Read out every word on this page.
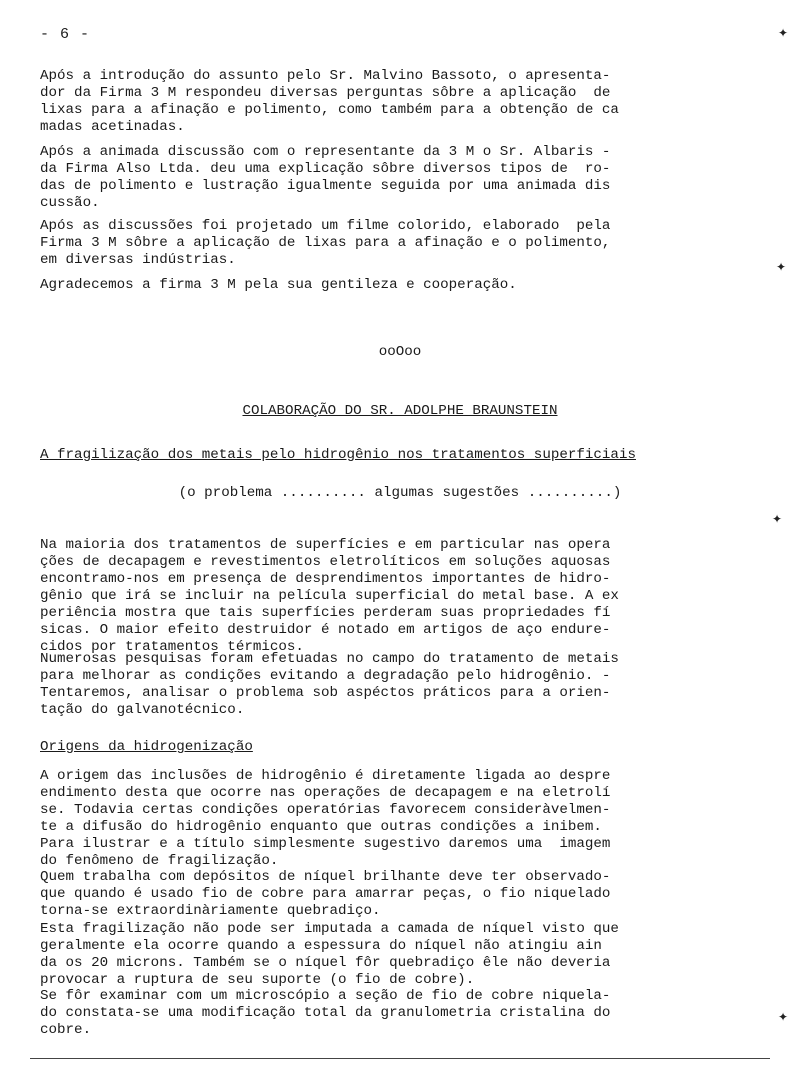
- 6 -

Após a introdução do assunto pelo Sr. Malvino Bassoto, o apresenta-
dor da Firma 3 M respondeu diversas perguntas sôbre a aplicação  de
lixas para a afinação e polimento, como também para a obtenção de ca
madas acetinadas.

Após a animada discussão com o representante da 3 M o Sr. Albaris -
da Firma Also Ltda. deu uma explicação sôbre diversos tipos de  ro-
das de polimento e lustração igualmente seguida por uma animada dis
cussão.

Após as discussões foi projetado um filme colorido, elaborado  pela
Firma 3 M sôbre a aplicação de lixas para a afinação e o polimento,
em diversas indústrias.

Agradecemos a firma 3 M pela sua gentileza e cooperação.

ooOoo
COLABORAÇÃO DO SR. ADOLPHE BRAUNSTEIN
A fragilização dos metais pelo hidrogênio nos tratamentos superficiais
(o problema .......... algumas sugestões ..........)

Na maioria dos tratamentos de superfícies e em particular nas opera
ções de decapagem e revestimentos eletrolíticos em soluções aquosas
encontramo-nos em presença de desprendimentos importantes de hidro-
gênio que irá se incluir na película superficial do metal base. A ex
periência mostra que tais superfícies perderam suas propriedades fí
sicas. O maior efeito destruidor é notado em artigos de aço endure-
cidos por tratamentos térmicos.

Numerosas pesquisas foram efetuadas no campo do tratamento de metais
para melhorar as condições evitando a degradação pelo hidrogênio. -
Tentaremos, analisar o problema sob aspéctos práticos para a orien-
tação do galvanotécnico.

Origens da hidrogenização

A origem das inclusões de hidrogênio é diretamente ligada ao despre
endimento desta que ocorre nas operações de decapagem e na eletrolí
se. Todavia certas condições operatórias favorecem consideràvelmen-
te a difusão do hidrogênio enquanto que outras condições a inibem.

Para ilustrar e a título simplesmente sugestivo daremos uma  imagem
do fenômeno de fragilização.

Quem trabalha com depósitos de níquel brilhante deve ter observado-
que quando é usado fio de cobre para amarrar peças, o fio niquelado
torna-se extraordinàriamente quebradiço.

Esta fragilização não pode ser imputada a camada de níquel visto que
geralmente ela ocorre quando a espessura do níquel não atingiu ain
da os 20 microns. Também se o níquel fôr quebradiço êle não deveria
provocar a ruptura de seu suporte (o fio de cobre).

Se fôr examinar com um microscópio a seção de fio de cobre niquela-
do constata-se uma modificação total da granulometria cristalina do
cobre.

✦
✦
✦
✦
